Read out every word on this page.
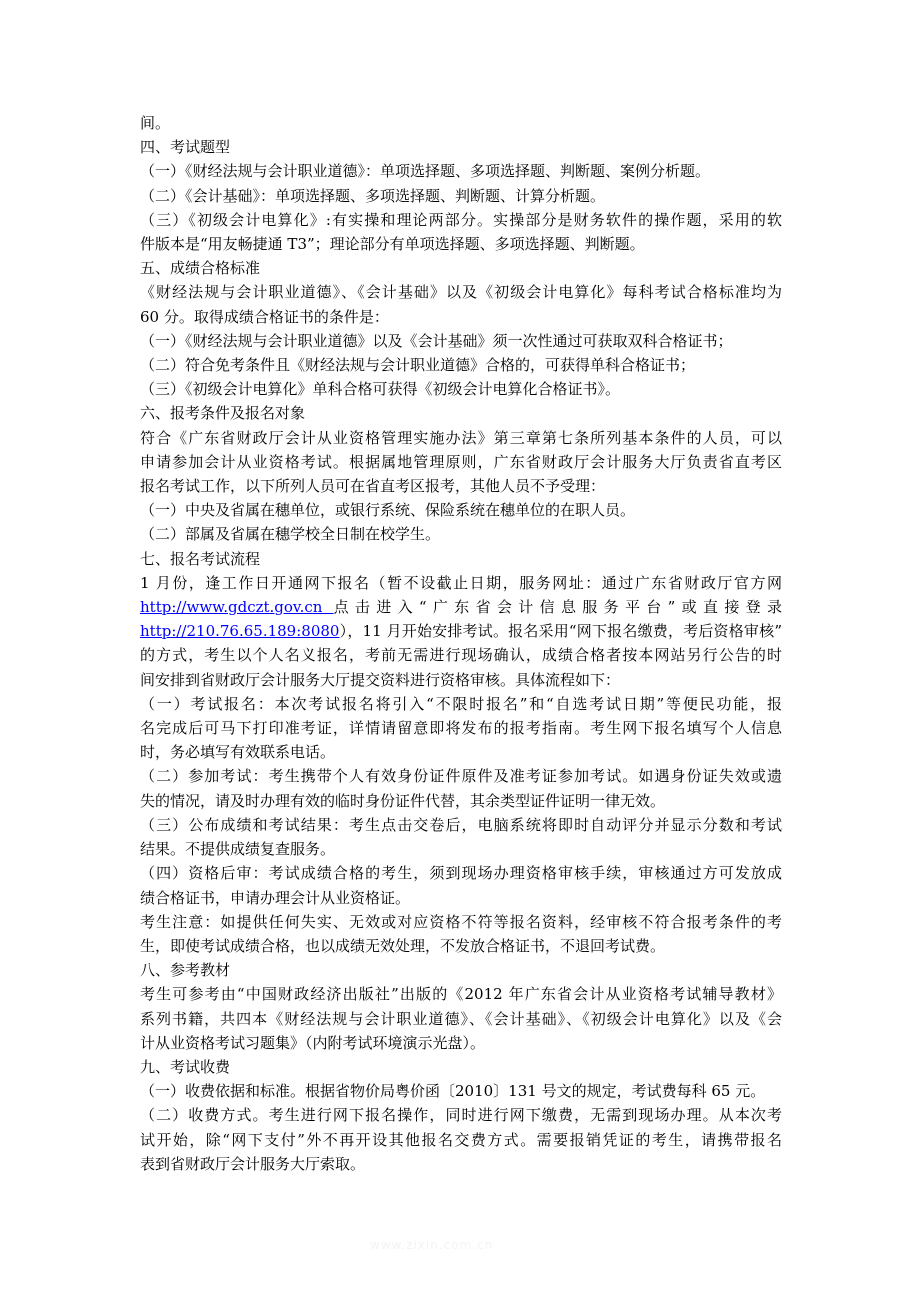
间。
四、考试题型
（一）《财经法规与会计职业道德》：单项选择题、多项选择题、判断题、案例分析题。
（二）《会计基础》：单项选择题、多项选择题、判断题、计算分析题。
（三）《初级会计电算化》:有实操和理论两部分。实操部分是财务软件的操作题，采用的软
件版本是“用友畅捷通 T3”；理论部分有单项选择题、多项选择题、判断题。
五、成绩合格标准
《财经法规与会计职业道德》、《会计基础》以及《初级会计电算化》每科考试合格标准均为
60 分。取得成绩合格证书的条件是：
（一）《财经法规与会计职业道德》以及《会计基础》须一次性通过可获取双科合格证书；
（二）符合免考条件且《财经法规与会计职业道德》合格的，可获得单科合格证书；
（三）《初级会计电算化》单科合格可获得《初级会计电算化合格证书》。
六、报考条件及报名对象
符合《广东省财政厅会计从业资格管理实施办法》第三章第七条所列基本条件的人员，可以
申请参加会计从业资格考试。根据属地管理原则，广东省财政厅会计服务大厅负责省直考区
报名考试工作，以下所列人员可在省直考区报考，其他人员不予受理：
（一）中央及省属在穗单位，或银行系统、保险系统在穗单位的在职人员。
（二）部属及省属在穗学校全日制在校学生。
七、报名考试流程
1 月份，逢工作日开通网下报名（暂不设截止日期，服务网址：通过广东省财政厅官方网
http://www.gdczt.gov.cn 点击进入“广东省会计信息服务平台”或直接登录
http://210.76.65.189:8080），11 月开始安排考试。报名采用“网下报名缴费，考后资格审核”
的方式，考生以个人名义报名，考前无需进行现场确认，成绩合格者按本网站另行公告的时
间安排到省财政厅会计服务大厅提交资料进行资格审核。具体流程如下：
（一）考试报名：本次考试报名将引入“不限时报名”和“自选考试日期”等便民功能，报
名完成后可马下打印准考证，详情请留意即将发布的报考指南。考生网下报名填写个人信息
时，务必填写有效联系电话。
（二）参加考试：考生携带个人有效身份证件原件及准考证参加考试。如遇身份证失效或遗
失的情况，请及时办理有效的临时身份证件代替，其余类型证件证明一律无效。
（三）公布成绩和考试结果：考生点击交卷后，电脑系统将即时自动评分并显示分数和考试
结果。不提供成绩复查服务。
（四）资格后审：考试成绩合格的考生，须到现场办理资格审核手续，审核通过方可发放成
绩合格证书，申请办理会计从业资格证。
考生注意：如提供任何失实、无效或对应资格不符等报名资料，经审核不符合报考条件的考
生，即使考试成绩合格，也以成绩无效处理，不发放合格证书，不退回考试费。
八、参考教材
考生可参考由“中国财政经济出版社”出版的《2012 年广东省会计从业资格考试辅导教材》
系列书籍，共四本《财经法规与会计职业道德》、《会计基础》、《初级会计电算化》以及《会
计从业资格考试习题集》（内附考试环境演示光盘）。
九、考试收费
（一）收费依据和标准。根据省物价局粤价函〔2010〕131 号文的规定，考试费每科 65 元。
（二）收费方式。考生进行网下报名操作，同时进行网下缴费，无需到现场办理。从本次考
试开始，除“网下支付”外不再开设其他报名交费方式。需要报销凭证的考生，请携带报名
表到省财政厅会计服务大厅索取。
www.zixin.com.cn
